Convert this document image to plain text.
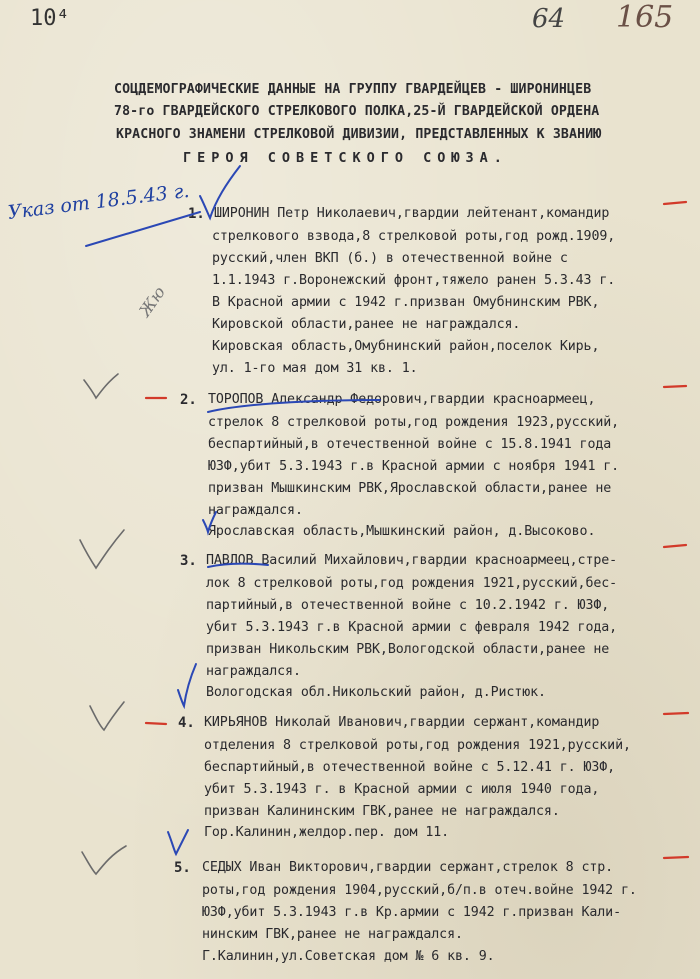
10⁴	64 165
СОЦДЕМОГРАФИЧЕСКИЕ ДАННЫЕ НА ГРУППУ ГВАРДЕЙЦЕВ - ШИРОНИНЦЕВ
78-го ГВАРДЕЙСКОГО СТРЕЛКОВОГО ПОЛКА,25-Й ГВАРДЕЙСКОЙ ОРДЕНА
КРАСНОГО ЗНАМЕНИ СТРЕЛКОВОЙ ДИВИЗИИ, ПРЕДСТАВЛЕННЫХ К ЗВАНИЮ
ГЕРОЯ СОВЕТСКОГО СОЮЗА.
Указ от 18.5.43 г.
Жю
1. ШИРОНИН Петр Николаевич,гвардии лейтенант,командир
стрелкового взвода,8 стрелковой роты,год рожд.1909,
русский,член ВКП (б.) в отечественной войне с
1.1.1943 г.Воронежский фронт,тяжело ранен 5.3.43 г.
В Красной армии с 1942 г.призван Омубнинским РВК,
Кировской области,ранее не награждался.
Кировская область,Омубнинский район,поселок Кирь,
ул. 1-го мая дом 31 кв. 1.
2. ТОРОПОВ Александр Федорович,гвардии красноармеец,
стрелок 8 стрелковой роты,год рождения 1923,русский,
беспартийный,в отечественной войне с 15.8.1941 года
ЮЗФ,убит 5.3.1943 г.в Красной армии с ноября 1941 г.
призван Мышкинским РВК,Ярославской области,ранее не
награждался.
Ярославская область,Мышкинский район, д.Высоково.
3. ПАВЛОВ Василий Михайлович,гвардии красноармеец,стре-
лок 8 стрелковой роты,год рождения 1921,русский,бес-
партийный,в отечественной войне с 10.2.1942 г. ЮЗФ,
убит 5.3.1943 г.в Красной армии с февраля 1942 года,
призван Никольским РВК,Вологодской области,ранее не
награждался.
Вологодская обл.Никольский район, д.Ристюк.
4. КИРЬЯНОВ Николай Иванович,гвардии сержант,командир
отделения 8 стрелковой роты,год рождения 1921,русский,
беспартийный,в отечественной войне с 5.12.41 г. ЮЗФ,
убит 5.3.1943 г. в Красной армии с июля 1940 года,
призван Калининским ГВК,ранее не награждался.
Гор.Калинин,желдор.пер. дом 11.
5. СЕДЫХ Иван Викторович,гвардии сержант,стрелок 8 стр.
роты,год рождения 1904,русский,б/п.в отеч.войне 1942 г.
ЮЗФ,убит 5.3.1943 г.в Кр.армии с 1942 г.призван Кали-
нинским ГВК,ранее не награждался.
Г.Калинин,ул.Советская дом № 6 кв. 9.
